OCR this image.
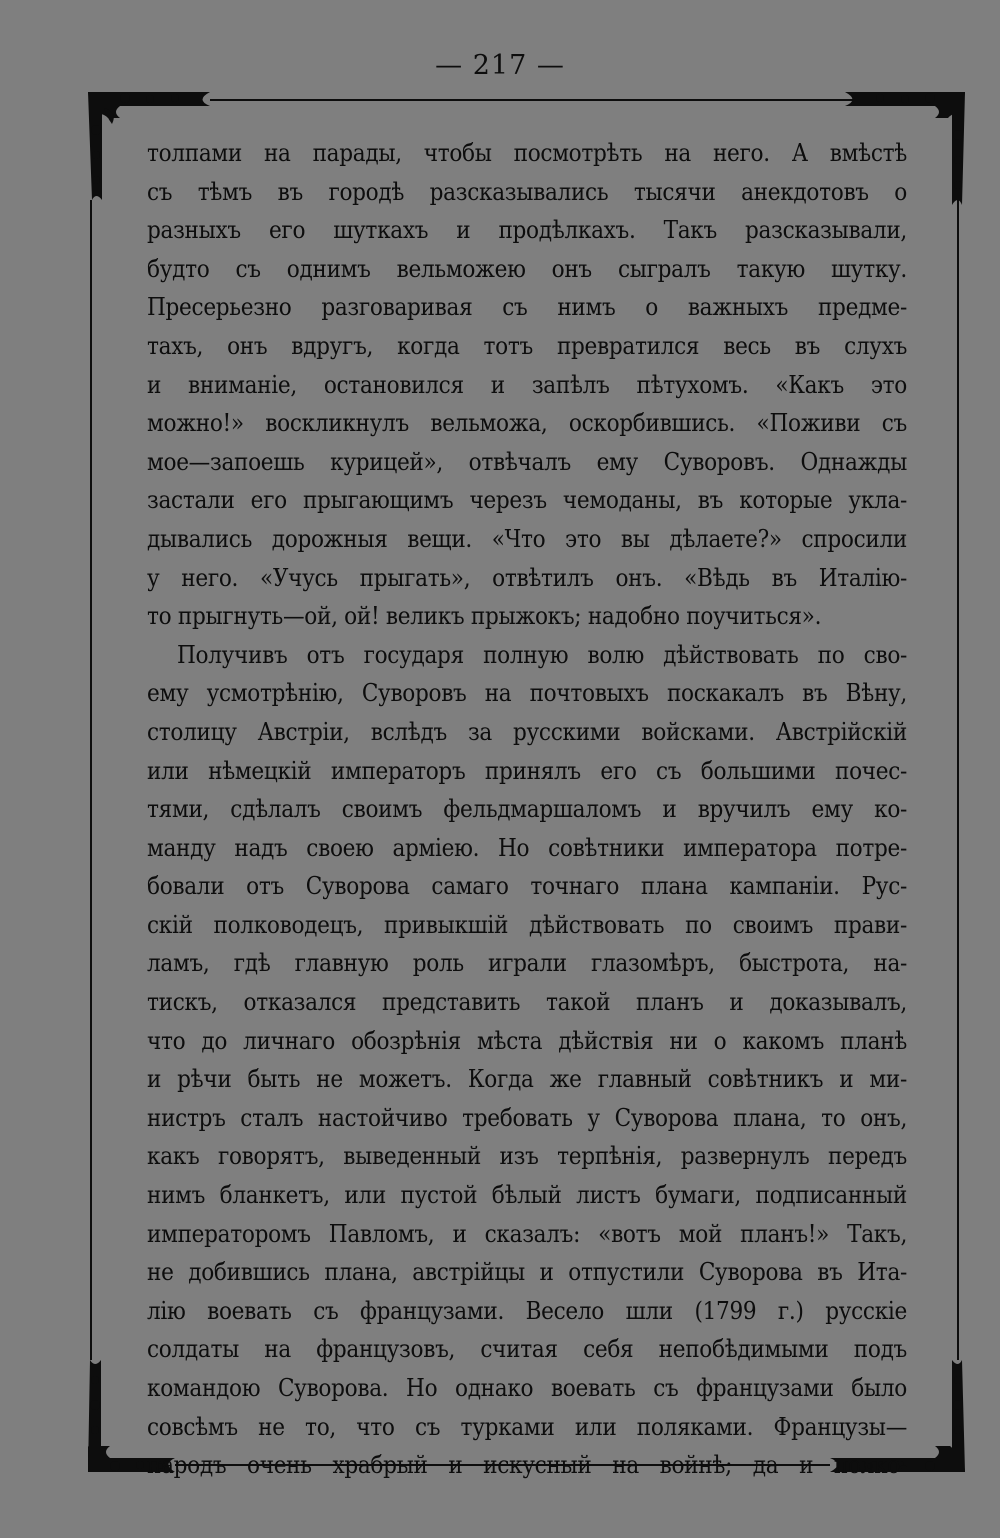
— 217 —
толпами на парады, чтобы посмотрѣть на него. А вмѣстѣ
съ тѣмъ въ городѣ разсказывались тысячи анекдотовъ о
разныхъ его шуткахъ и продѣлкахъ. Такъ разсказывали,
будто съ однимъ вельможею онъ сыгралъ такую шутку.
Пресерьезно разговаривая съ нимъ о важныхъ предме-
тахъ, онъ вдругъ, когда тотъ превратился весь въ слухъ
и вниманіе, остановился и запѣлъ пѣтухомъ. «Какъ это
можно!» воскликнулъ вельможа, оскорбившись. «Поживи съ
мое—запоешь курицей», отвѣчалъ ему Суворовъ. Однажды
застали его прыгающимъ черезъ чемоданы, въ которые укла-
дывались дорожныя вещи. «Что это вы дѣлаете?» спросили
у него. «Учусь прыгать», отвѣтилъ онъ. «Вѣдь въ Италію-
то прыгнуть—ой, ой! великъ прыжокъ; надобно поучиться».
Получивъ отъ государя полную волю дѣйствовать по сво-
ему усмотрѣнію, Суворовъ на почтовыхъ поскакалъ въ Вѣну,
столицу Австріи, вслѣдъ за русскими войсками. Австрійскій
или нѣмецкій императоръ принялъ его съ большими почес-
тями, сдѣлалъ своимъ фельдмаршаломъ и вручилъ ему ко-
манду надъ своею арміею. Но совѣтники императора потре-
бовали отъ Суворова самаго точнаго плана кампаніи. Рус-
скій полководецъ, привыкшій дѣйствовать по своимъ прави-
ламъ, гдѣ главную роль играли глазомѣръ, быстрота, на-
тискъ, отказался представить такой планъ и доказывалъ,
что до личнаго обозрѣнія мѣста дѣйствія ни о какомъ планѣ
и рѣчи быть не можетъ. Когда же главный совѣтникъ и ми-
нистръ сталъ настойчиво требовать у Суворова плана, то онъ,
какъ говорятъ, выведенный изъ терпѣнія, развернулъ передъ
нимъ бланкетъ, или пустой бѣлый листъ бумаги, подписанный
императоромъ Павломъ, и сказалъ: «вотъ мой планъ!» Такъ,
не добившись плана, австрійцы и отпустили Суворова въ Ита-
лію воевать съ французами. Весело шли (1799 г.) русскіе
солдаты на французовъ, считая себя непобѣдимыми подъ
командою Суворова. Но однако воевать съ французами было
совсѣмъ не то, что съ турками или поляками. Французы—
народъ очень храбрый и искусный на войнѣ; да и полко-
